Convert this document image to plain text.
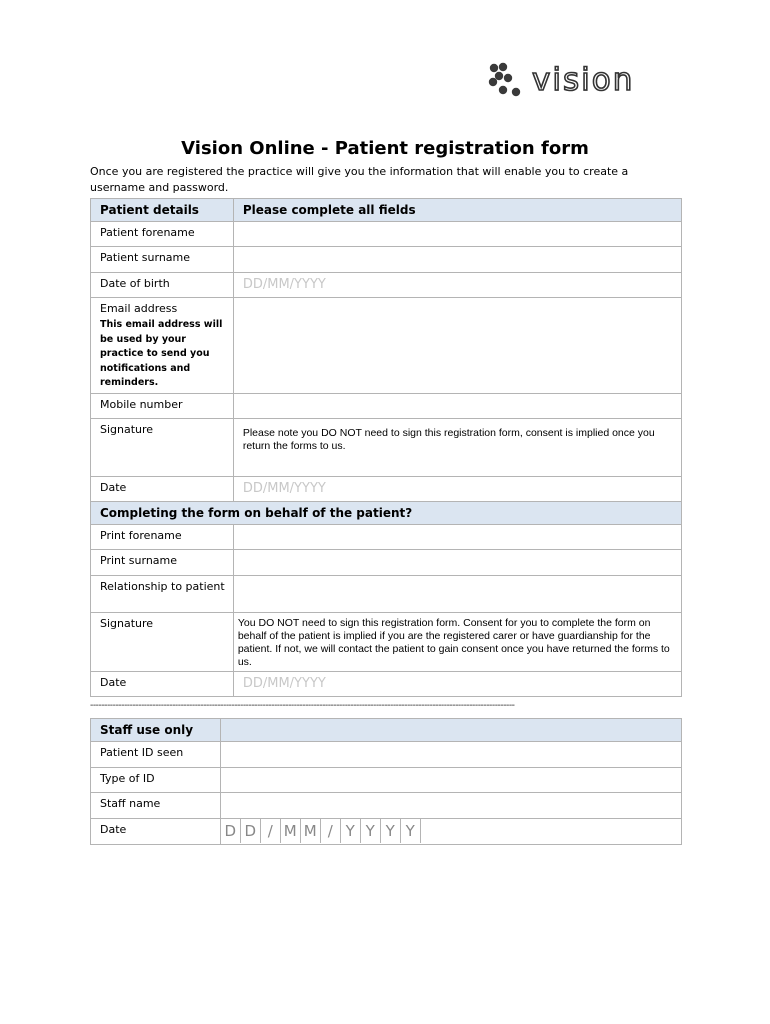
vision
Vision Online - Patient registration form
Once you are registered the practice will give you the information that will enable you to create a username and password.
Patient details	Please complete all fields
Patient forename	
Patient surname	
Date of birth	DD/MM/YYYY

Email address
This email address will be used by your practice to send you notifications and reminders.	

Mobile number	
Signature	Please note you DO NOT need to sign this registration form, consent is implied once you return the forms to us.

Date	DD/MM/YYYY
Completing the form on behalf of the patient?	
Print forename	
Print surname	
Relationship to patient	
Signature	You DO NOT need to sign this registration form. Consent for you to complete the form on behalf of the patient is implied if you are the registered carer or have guardianship for the patient. If not, we will contact the patient to gain consent once you have returned the forms to us.

Date	DD/MM/YYYY
------------------------------------------------------------------------------------------------------------------------------------------------------
Staff use only	
Patient ID seen	
Type of ID	
Staff name	
Date	D D / M M / Y Y Y Y
